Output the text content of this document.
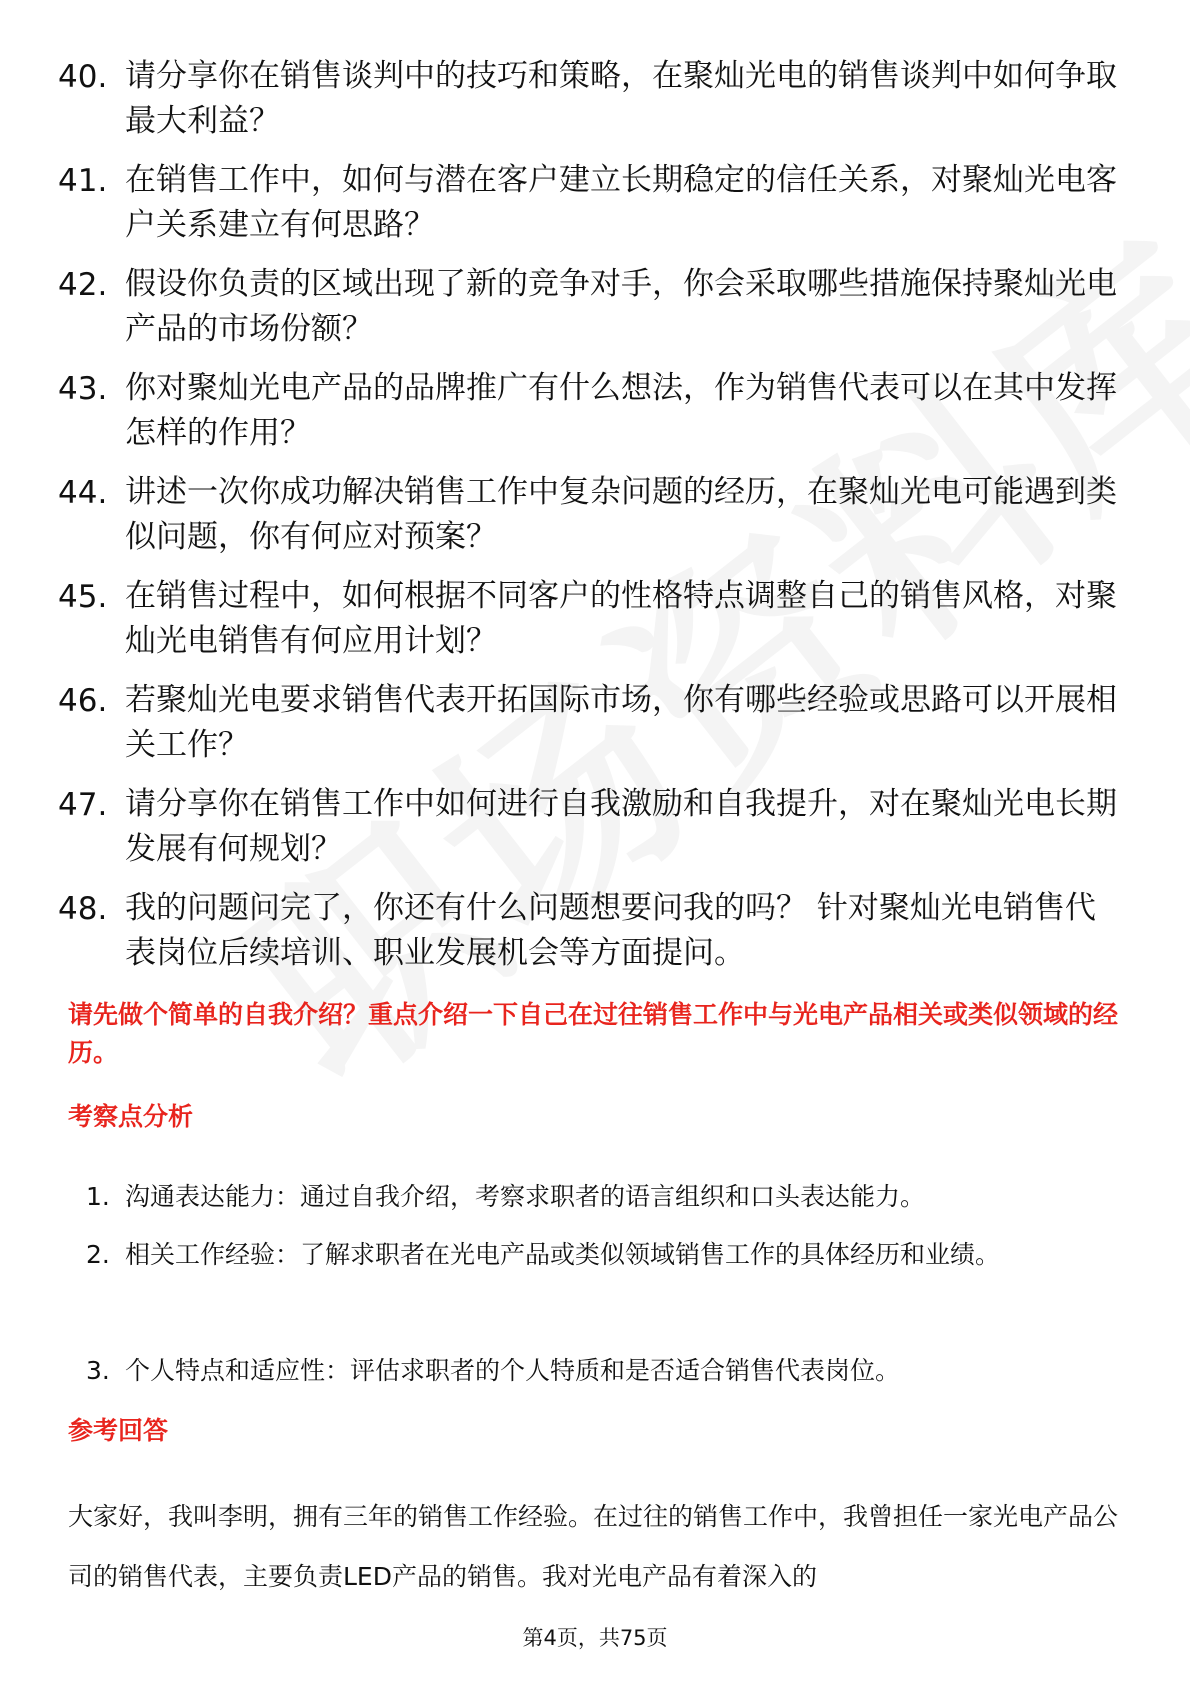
40. 请分享你在销售谈判中的技巧和策略，在聚灿光电的销售谈判中如何争取最大利益？
41. 在销售工作中，如何与潜在客户建立长期稳定的信任关系，对聚灿光电客户关系建立有何思路？
42. 假设你负责的区域出现了新的竞争对手，你会采取哪些措施保持聚灿光电产品的市场份额？
43. 你对聚灿光电产品的品牌推广有什么想法，作为销售代表可以在其中发挥怎样的作用？
44. 讲述一次你成功解决销售工作中复杂问题的经历，在聚灿光电可能遇到类似问题，你有何应对预案？
45. 在销售过程中，如何根据不同客户的性格特点调整自己的销售风格，对聚灿光电销售有何应用计划？
46. 若聚灿光电要求销售代表开拓国际市场，你有哪些经验或思路可以开展相关工作？
47. 请分享你在销售工作中如何进行自我激励和自我提升，对在聚灿光电长期发展有何规划？
48. 我的问题问完了，你还有什么问题想要问我的吗？ 针对聚灿光电销售代表岗位后续培训、职业发展机会等方面提问。
请先做个简单的自我介绍？重点介绍一下自己在过往销售工作中与光电产品相关或类似领域的经历。
考察点分析
1. 沟通表达能力：通过自我介绍，考察求职者的语言组织和口头表达能力。
2. 相关工作经验：了解求职者在光电产品或类似领域销售工作的具体经历和业绩。
3. 个人特点和适应性：评估求职者的个人特质和是否适合销售代表岗位。
参考回答
大家好，我叫李明，拥有三年的销售工作经验。在过往的销售工作中，我曾担任一家光电产品公司的销售代表，主要负责LED产品的销售。我对光电产品有着深入的
第4页，共75页
